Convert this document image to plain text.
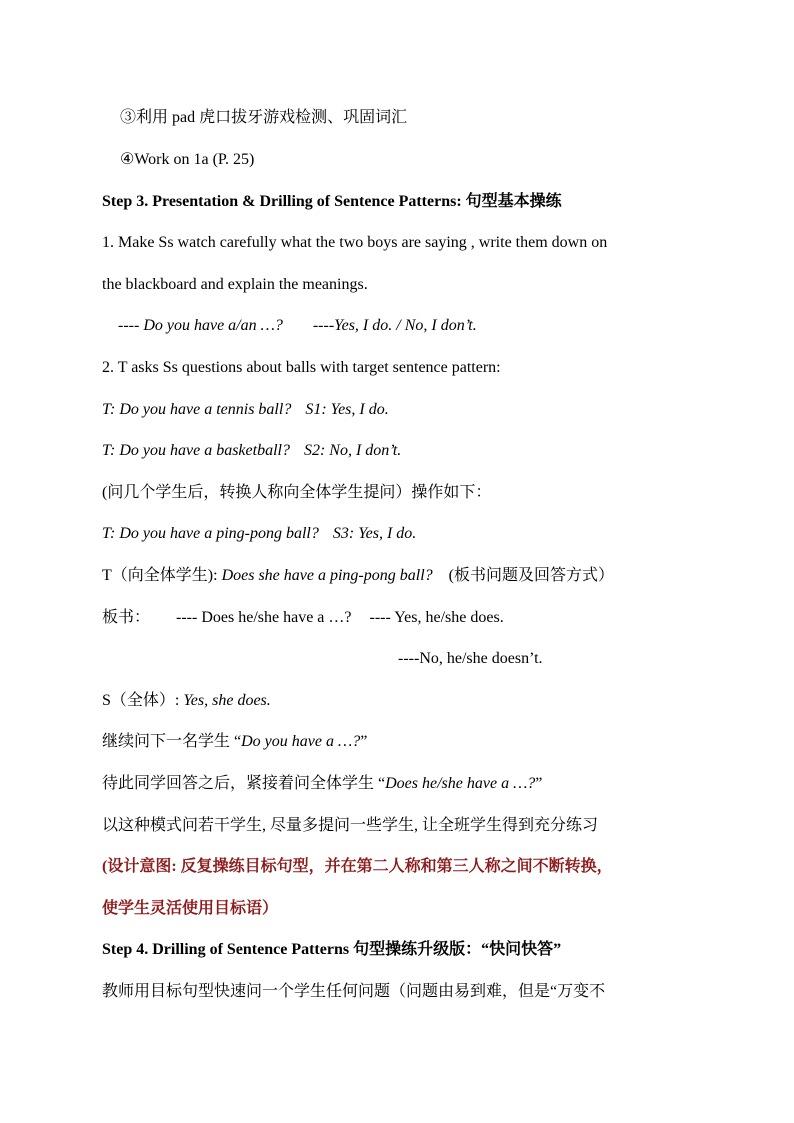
③利用 pad 虎口拔牙游戏检测、巩固词汇
④Work on 1a (P. 25)
Step 3. Presentation & Drilling of Sentence Patterns: 句型基本操练
1. Make Ss watch carefully what the two boys are saying , write them down on
the blackboard and explain the meanings.
---- Do you have a/an …? ----Yes, I do. / No, I don’t.
2. T asks Ss questions about balls with target sentence pattern:
T: Do you have a tennis ball? S1: Yes, I do.
T: Do you have a basketball? S2: No, I don’t.
(问几个学生后，转换人称向全体学生提问）操作如下：
T: Do you have a ping-pong ball? S3: Yes, I do.
T（向全体学生): Does she have a ping-pong ball? (板书问题及回答方式）
板书： ---- Does he/she have a …? ---- Yes, he/she does.
----No, he/she doesn’t.
S（全体）: Yes, she does.
继续问下一名学生 “Do you have a …?”
待此同学回答之后，紧接着问全体学生 “Does he/she have a …?”
以这种模式问若干学生, 尽量多提问一些学生, 让全班学生得到充分练习
(设计意图: 反复操练目标句型，并在第二人称和第三人称之间不断转换，
使学生灵活使用目标语）
Step 4. Drilling of Sentence Patterns 句型操练升级版：“快问快答”
教师用目标句型快速问一个学生任何问题（问题由易到难，但是“万变不
